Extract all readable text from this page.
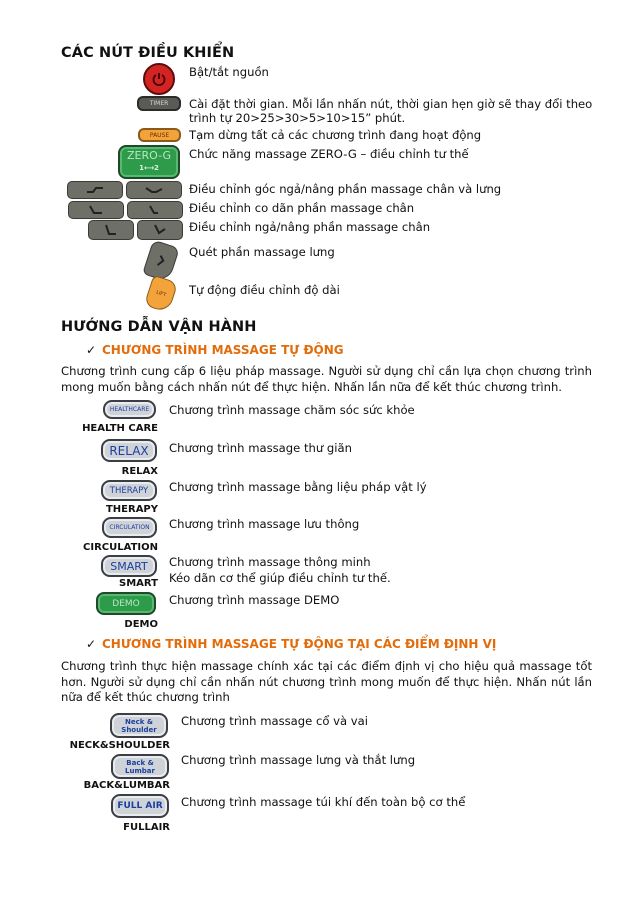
CÁC NÚT ĐIỀU KHIỂN
Bật/tắt nguồn
TIMER Cài đặt thời gian. Mỗi lần nhấn nút, thời gian hẹn giờ sẽ thay đổi theo
trình tự 20>25>30>5>10>15” phút.
PAUSE Tạm dừng tất cả các chương trình đang hoạt động
ZERO-G
1⟷2
Chức năng massage ZERO-G – điều chỉnh tư thế
Điều chỉnh góc ngả/nâng phần massage chân và lưng
Điều chỉnh co dãn phần massage chân
Điều chỉnh ngả/nâng phần massage chân
Quét phần massage lưng
LIFT Tự động điều chỉnh độ dài
HƯỚNG DẪN VẬN HÀNH
✓ CHƯƠNG TRÌNH MASSAGE TỰ ĐỘNG
Chương trình cung cấp 6 liệu pháp massage. Người sử dụng chỉ cần lựa chọn chương trình mong muốn bằng cách nhấn nút để thực hiện. Nhấn lần nữa để kết thúc chương trình.
HEALTHCARE
HEALTH CARE
Chương trình massage chăm sóc sức khỏe
RELAX
RELAX
Chương trình massage thư giãn
THERAPY
THERAPY
Chương trình massage bằng liệu pháp vật lý
CIRCULATION
CIRCULATION
Chương trình massage lưu thông
SMART
SMART
Chương trình massage thông minh
Kéo dãn cơ thể giúp điều chỉnh tư thế.
DEMO
DEMO
Chương trình massage DEMO
✓ CHƯƠNG TRÌNH MASSAGE TỰ ĐỘNG TẠI CÁC ĐIỂM ĐỊNH VỊ
Chương trình thực hiện massage chính xác tại các điểm định vị cho hiệu quả massage tốt hơn. Người sử dụng chỉ cần nhấn nút chương trình mong muốn để thực hiện. Nhấn nút lần nữa để kết thúc chương trình
Neck &
Shoulder
NECK&SHOULDER
Chương trình massage cổ và vai
Back &
Lumbar
BACK&LUMBAR
Chương trình massage lưng và thắt lưng
FULL AIR
FULLAIR
Chương trình massage túi khí đến toàn bộ cơ thể
